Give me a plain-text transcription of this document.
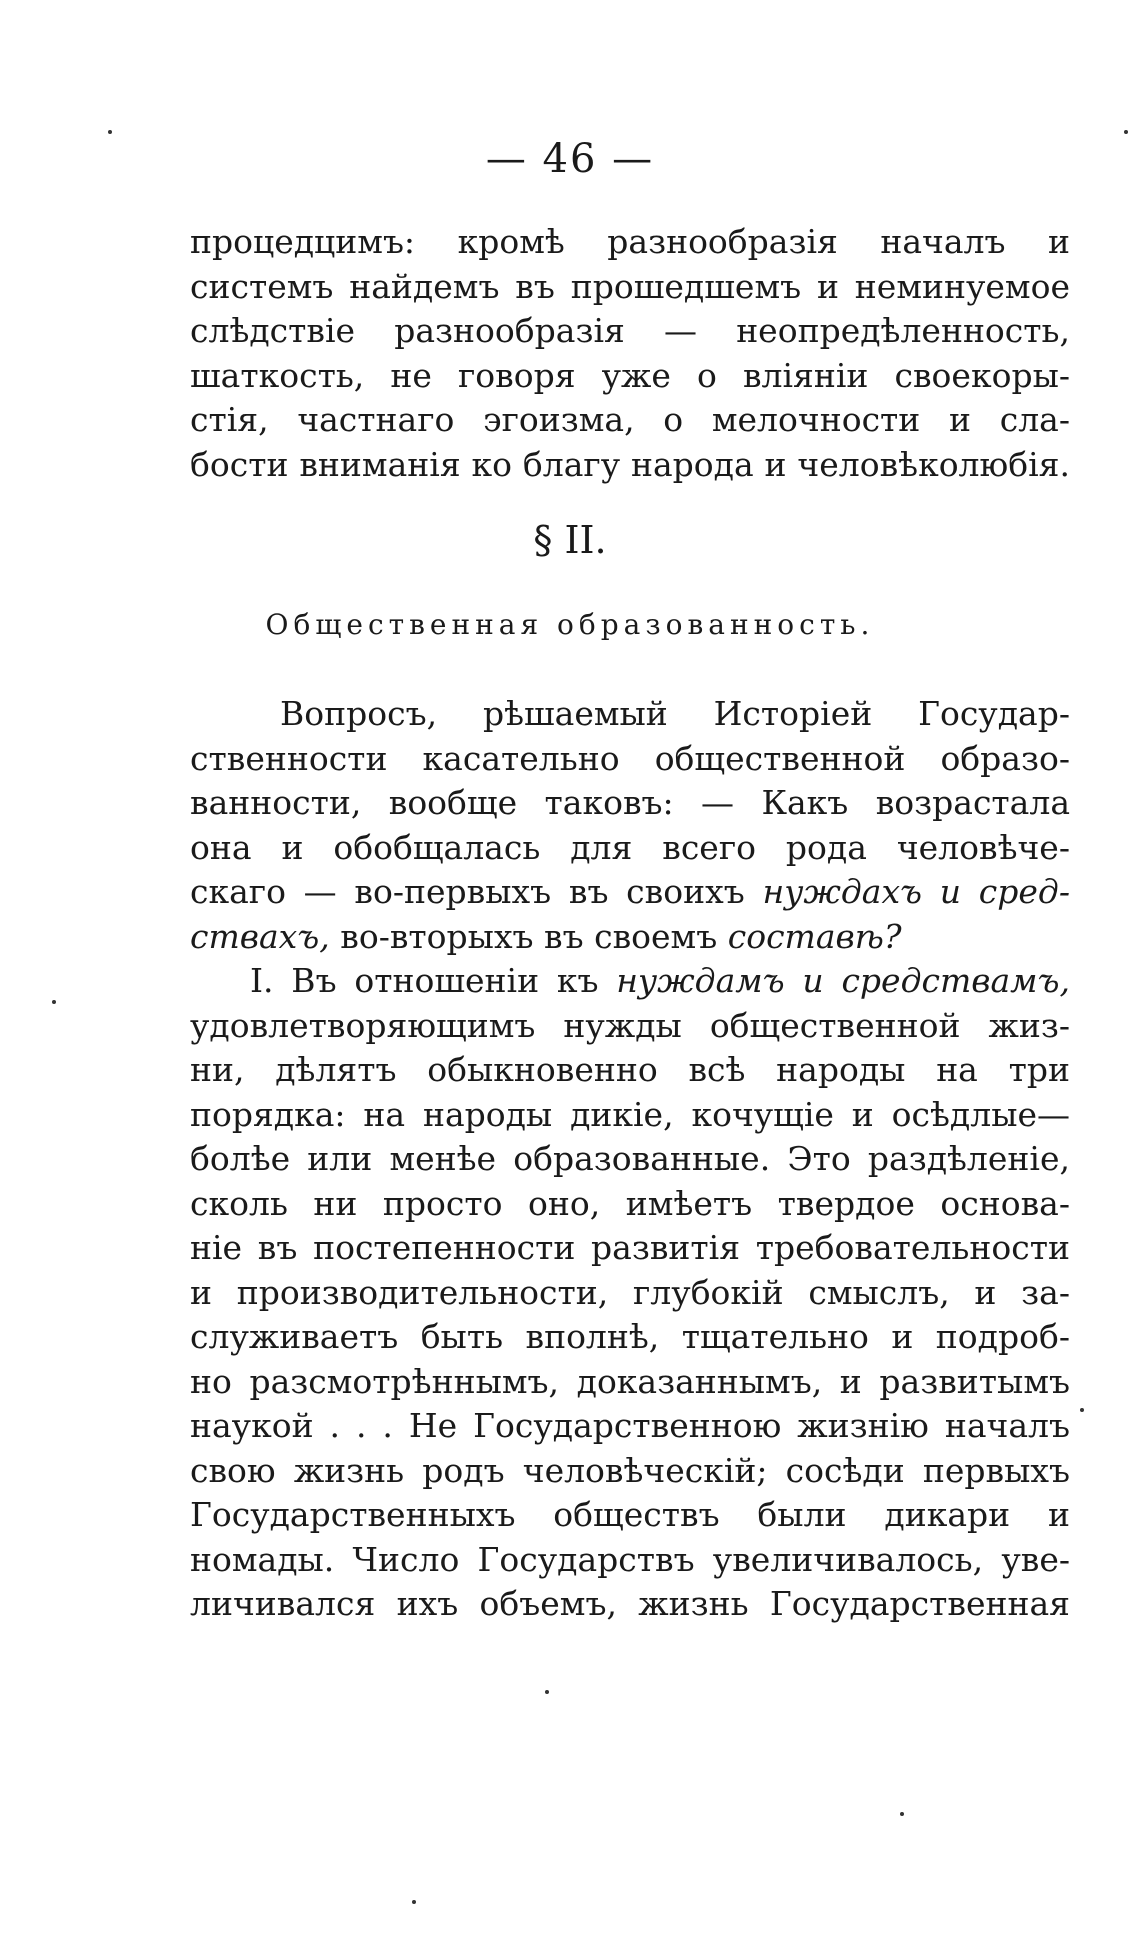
— 46 —
процедцимъ: кромѣ разнообразія началъ и
системъ найдемъ въ прошедшемъ и неминуемое
слѣдствіе разнообразія — неопредѣленность,
шаткость, не говоря уже о вліяніи своекоры-
стія, частнаго эгоизма, о мелочности и сла-
бости вниманія ко благу народа и человѣколюбія.
§ II.
Общественная образованность.
Вопросъ, рѣшаемый Исторіей Государ-
ственности касательно общественной образо-
ванности, вообще таковъ: — Какъ возрастала
она и обобщалась для всего рода человѣче-
скаго — во-первыхъ въ своихъ нуждахъ и сред-
ствахъ, во-вторыхъ въ своемъ составѣ?
I. Въ отношеніи къ нуждамъ и средствамъ,
удовлетворяющимъ нужды общественной жиз-
ни, дѣлятъ обыкновенно всѣ народы на три
порядка: на народы дикіе, кочущіе и осѣдлые—
болѣе или менѣе образованные. Это раздѣленіе,
сколь ни просто оно, имѣетъ твердое основа-
ніе въ постепенности развитія требовательности
и производительности, глубокій смыслъ, и за-
служиваетъ быть вполнѣ, тщательно и подроб-
но разсмотрѣннымъ, доказаннымъ, и развитымъ
наукой . . . Не Государственною жизнію началъ
свою жизнь родъ человѣческій; сосѣди первыхъ
Государственныхъ обществъ были дикари и
номады. Число Государствъ увеличивалось, уве-
личивался ихъ объемъ, жизнь Государственная
